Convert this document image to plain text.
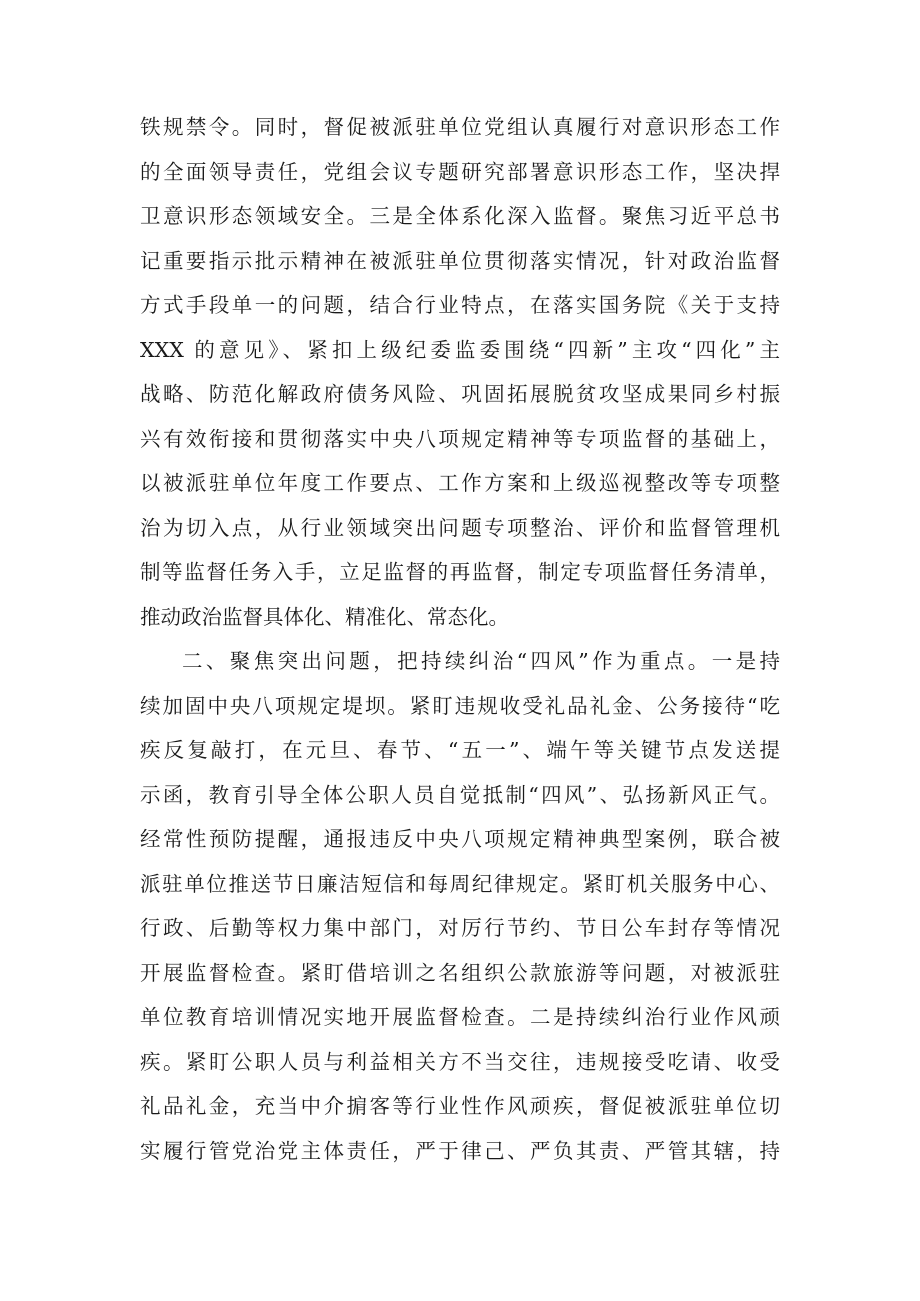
铁规禁令。同时，督促被派驻单位党组认真履行对意识形态工作
的全面领导责任，党组会议专题研究部署意识形态工作，坚决捍
卫意识形态领域安全。三是全体系化深入监督。聚焦习近平总书
记重要指示批示精神在被派驻单位贯彻落实情况，针对政治监督
方式手段单一的问题，结合行业特点，在落实国务院《关于支持
XXX 的意见》、紧扣上级纪委监委围绕“四新”主攻“四化”主
战略、防范化解政府债务风险、巩固拓展脱贫攻坚成果同乡村振
兴有效衔接和贯彻落实中央八项规定精神等专项监督的基础上，
以被派驻单位年度工作要点、工作方案和上级巡视整改等专项整
治为切入点，从行业领域突出问题专项整治、评价和监督管理机
制等监督任务入手，立足监督的再监督，制定专项监督任务清单，
推动政治监督具体化、精准化、常态化。
二、聚焦突出问题，把持续纠治“四风”作为重点。一是持
续加固中央八项规定堤坝。紧盯违规收受礼品礼金、公务接待“吃
疾反复敲打，在元旦、春节、“五一”、端午等关键节点发送提
示函，教育引导全体公职人员自觉抵制“四风”、弘扬新风正气。
经常性预防提醒，通报违反中央八项规定精神典型案例，联合被
派驻单位推送节日廉洁短信和每周纪律规定。紧盯机关服务中心、
行政、后勤等权力集中部门，对厉行节约、节日公车封存等情况
开展监督检查。紧盯借培训之名组织公款旅游等问题，对被派驻
单位教育培训情况实地开展监督检查。二是持续纠治行业作风顽
疾。紧盯公职人员与利益相关方不当交往，违规接受吃请、收受
礼品礼金，充当中介掮客等行业性作风顽疾，督促被派驻单位切
实履行管党治党主体责任，严于律己、严负其责、严管其辖，持
